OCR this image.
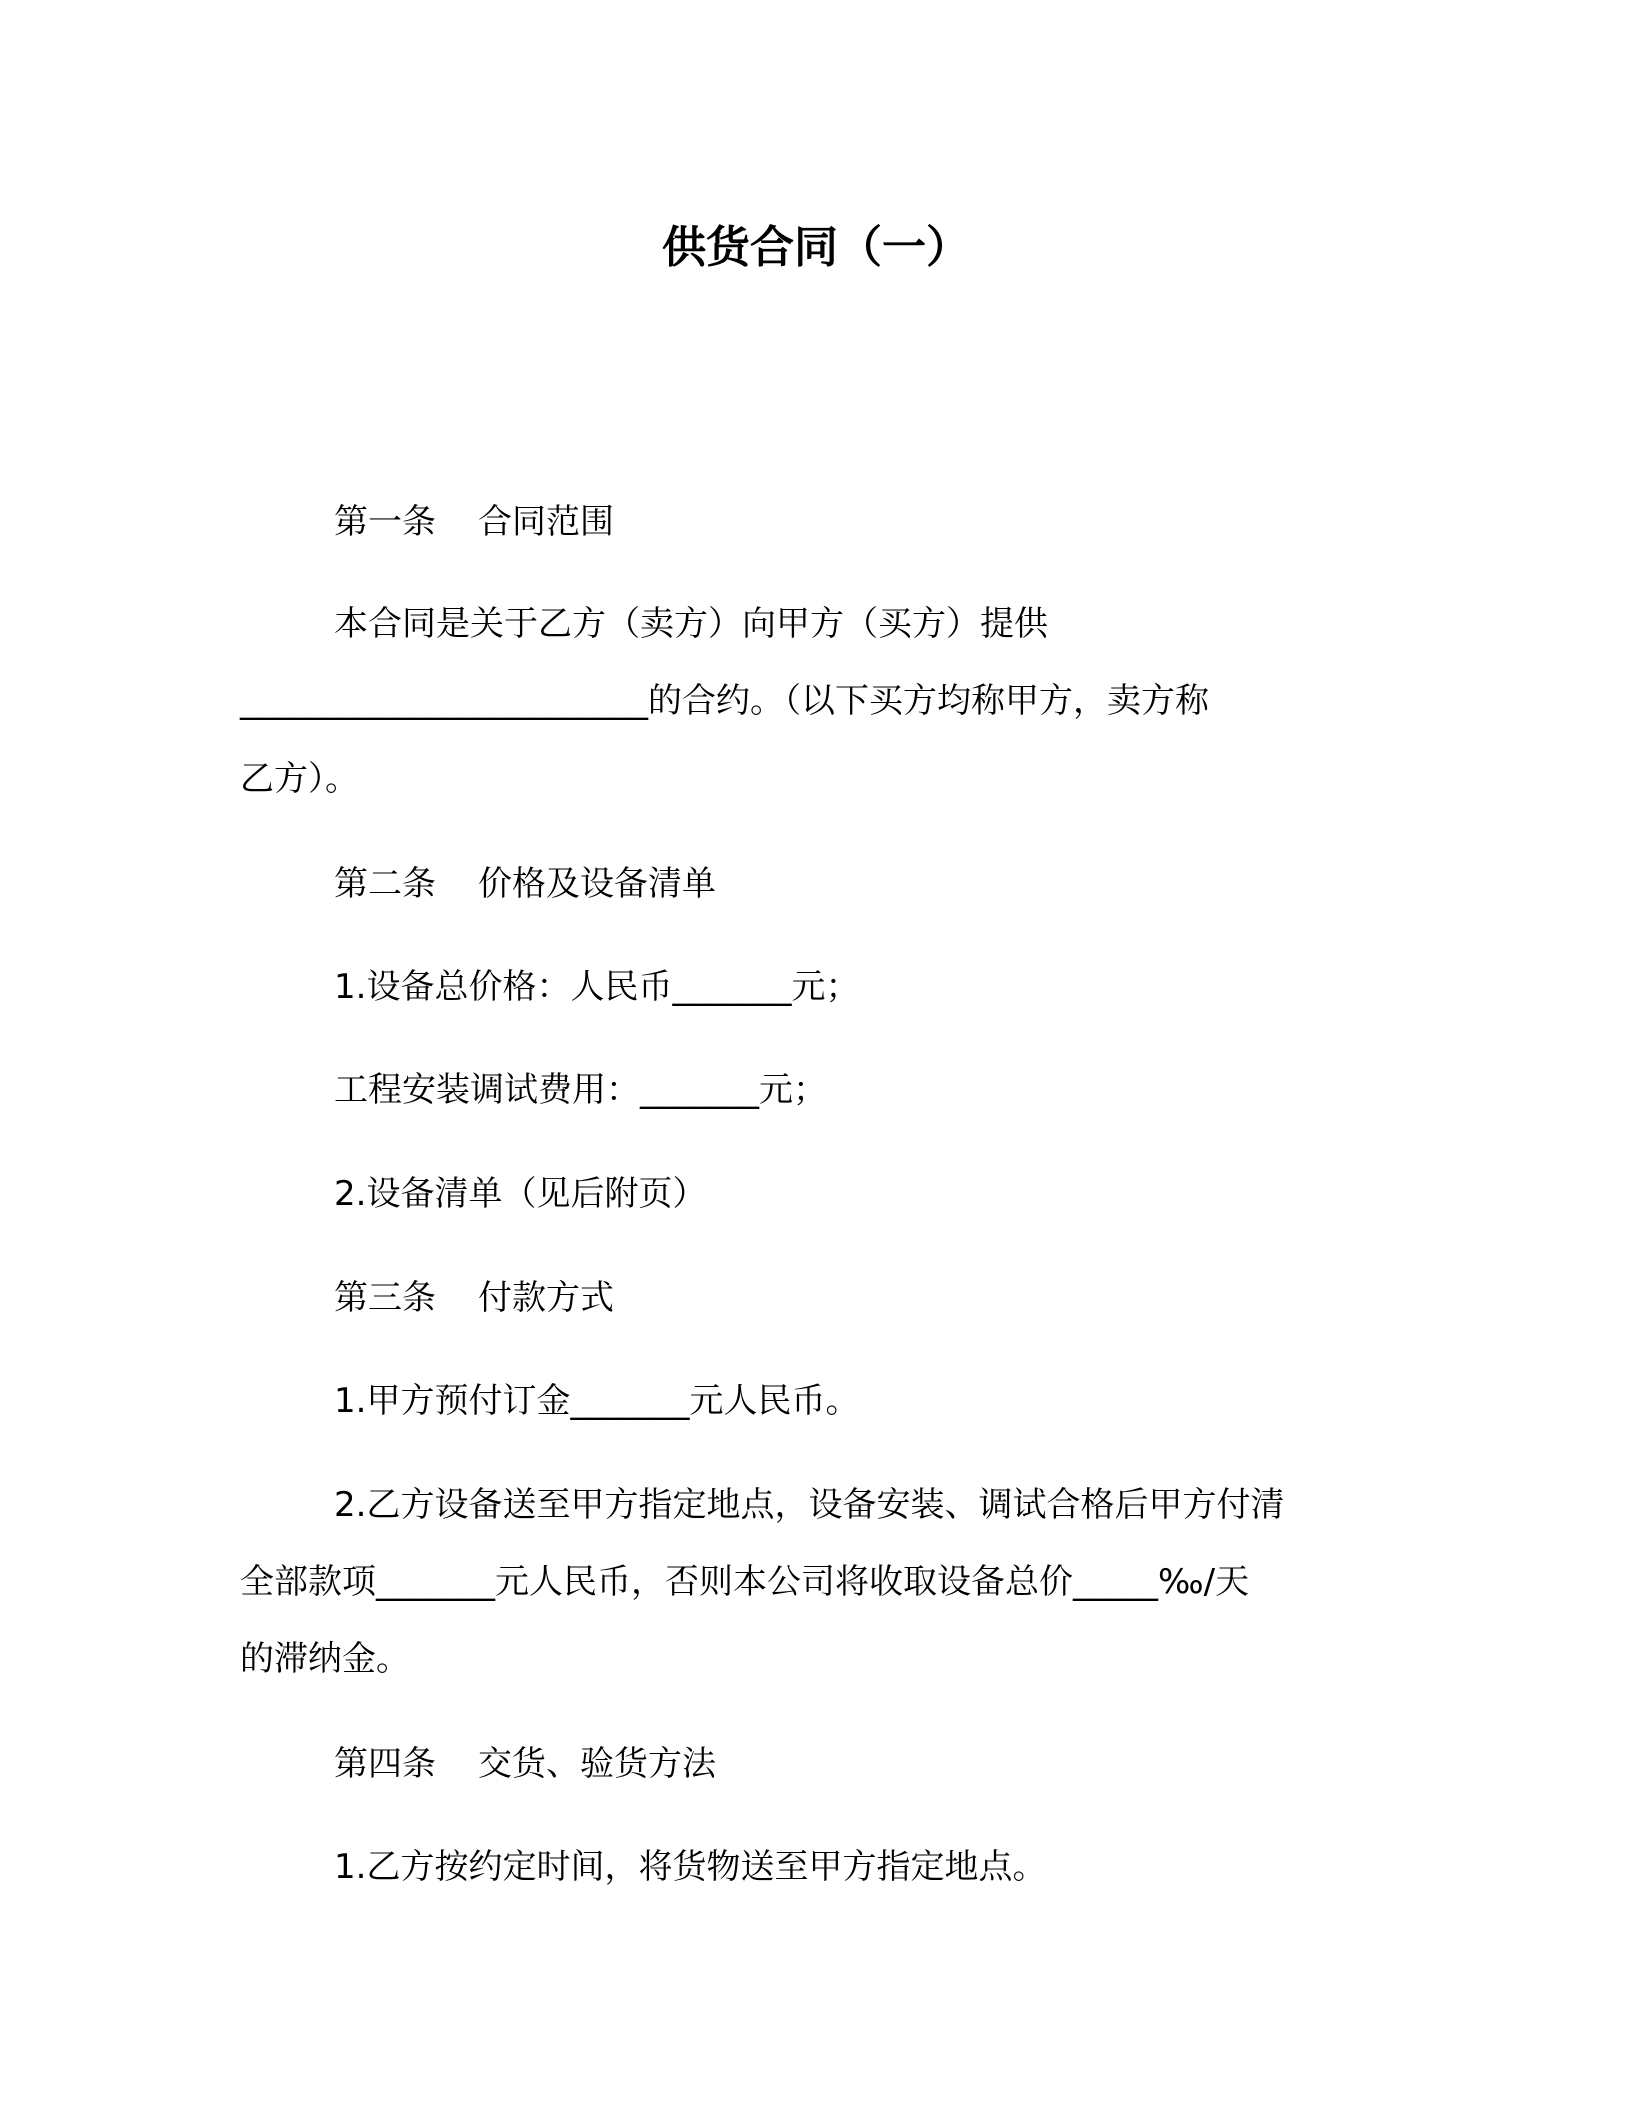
供货合同（一）
第一条 合同范围
本合同是关于乙方（卖方）向甲方（买方）提供
________________________的合约。（以下买方均称甲方，卖方称
乙方）。
第二条 价格及设备清单
1.设备总价格：人民币_______元；
工程安装调试费用：_______元；
2.设备清单（见后附页）
第三条 付款方式
1.甲方预付订金_______元人民币。
2.乙方设备送至甲方指定地点，设备安装、调试合格后甲方付清
全部款项_______元人民币，否则本公司将收取设备总价_____‰/天
的滞纳金。
第四条 交货、验货方法
1.乙方按约定时间，将货物送至甲方指定地点。
